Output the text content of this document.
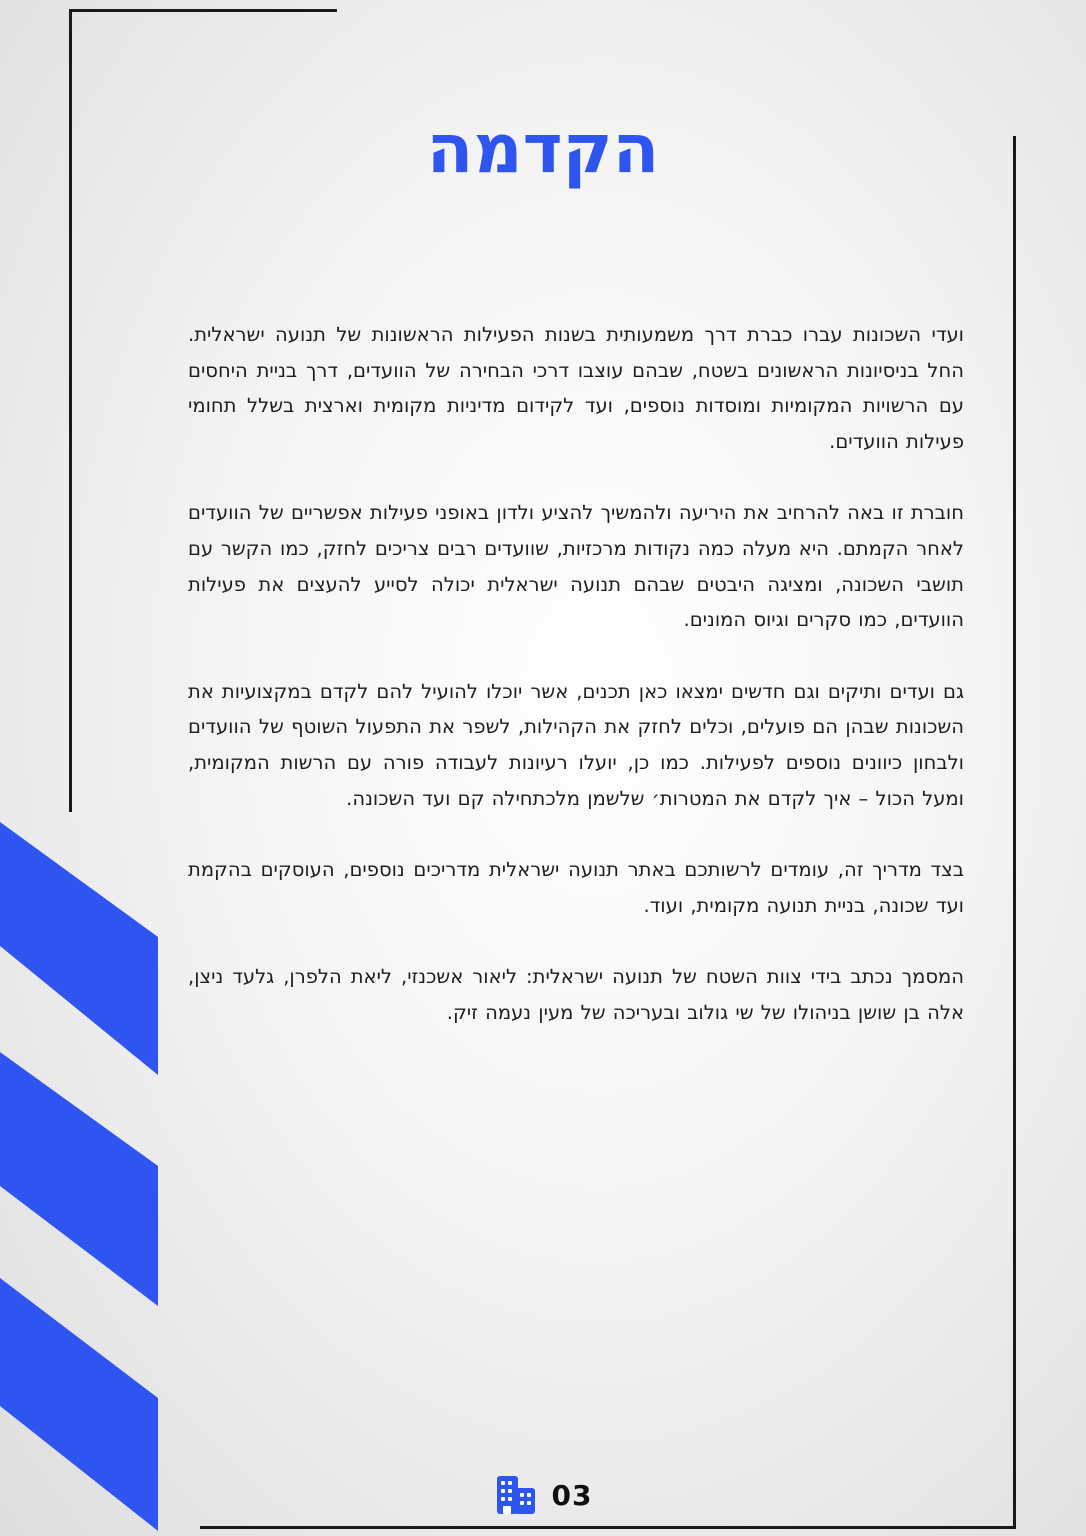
הקדמה

ועדי השכונות עברו כברת דרך משמעותית בשנות הפעילות הראשונות של תנועה ישראלית. החל בניסיונות הראשונים בשטח, שבהם עוצבו דרכי הבחירה של הוועדים, דרך בניית היחסים עם הרשויות המקומיות ומוסדות נוספים, ועד לקידום מדיניות מקומית וארצית בשלל תחומי פעילות הוועדים.

חוברת זו באה להרחיב את היריעה ולהמשיך להציע ולדון באופני פעילות אפשריים של הוועדים לאחר הקמתם. היא מעלה כמה נקודות מרכזיות, שוועדים רבים צריכים לחזק, כמו הקשר עם תושבי השכונה, ומציגה היבטים שבהם תנועה ישראלית יכולה לסייע להעצים את פעילות הוועדים, כמו סקרים וגיוס המונים.

גם ועדים ותיקים וגם חדשים ימצאו כאן תכנים, אשר יוכלו להועיל להם לקדם במקצועיות את השכונות שבהן הם פועלים, וכלים לחזק את הקהילות, לשפר את התפעול השוטף של הוועדים ולבחון כיוונים נוספים לפעילות. כמו כן, יועלו רעיונות לעבודה פורה עם הרשות המקומית, ומעל הכול – איך לקדם את המטרות׳ שלשמן מלכתחילה קם ועד השכונה.

בצד מדריך זה, עומדים לרשותכם באתר תנועה ישראלית מדריכים נוספים, העוסקים בהקמת ועד שכונה, בניית תנועה מקומית, ועוד.

המסמך נכתב בידי צוות השטח של תנועה ישראלית: ליאור אשכנזי, ליאת הלפרן, גלעד ניצן, אלה בן שושן בניהולו של שי גולוב ובעריכה של מעין נעמה זיק.

03
